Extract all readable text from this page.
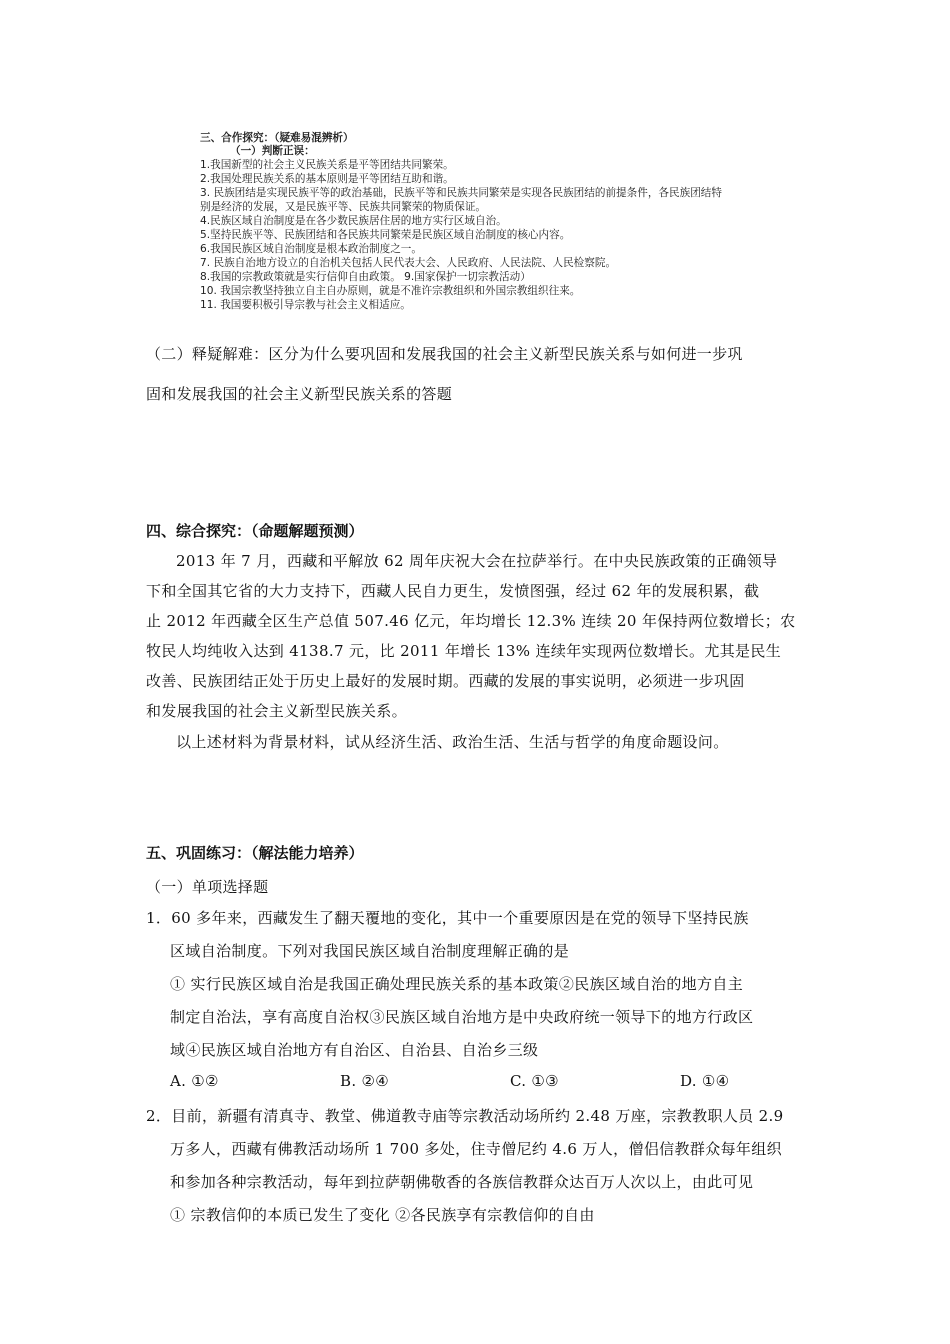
三、合作探究：（疑难易混辨析）
（一）判断正误：
1.我国新型的社会主义民族关系是平等团结共同繁荣。
2.我国处理民族关系的基本原则是平等团结互助和谐。
3. 民族团结是实现民族平等的政治基础，民族平等和民族共同繁荣是实现各民族团结的前提条件，各民族团结特
别是经济的发展，又是民族平等、民族共同繁荣的物质保证。
4.民族区域自治制度是在各少数民族居住居的地方实行区域自治。
5.坚持民族平等、民族团结和各民族共同繁荣是民族区域自治制度的核心内容。
6.我国民族区域自治制度是根本政治制度之一。
7. 民族自治地方设立的自治机关包括人民代表大会、人民政府、人民法院、人民检察院。
8.我国的宗教政策就是实行信仰自由政策。 9.国家保护一切宗教活动）
10. 我国宗教坚持独立自主自办原则，就是不准许宗教组织和外国宗教组织往来。
11. 我国要积极引导宗教与社会主义相适应。
（二）释疑解难：区分为什么要巩固和发展我国的社会主义新型民族关系与如何进一步巩
固和发展我国的社会主义新型民族关系的答题
四、综合探究：（命题解题预测）
2013 年 7 月，西藏和平解放 62 周年庆祝大会在拉萨举行。在中央民族政策的正确领导
下和全国其它省的大力支持下，西藏人民自力更生，发愤图强，经过 62 年的发展积累，截
止 2012 年西藏全区生产总值 507.46 亿元，年均增长 12.3% 连续 20 年保持两位数增长；农
牧民人均纯收入达到 4138.7 元，比 2011 年增长 13% 连续年实现两位数增长。尤其是民生
改善、民族团结正处于历史上最好的发展时期。西藏的发展的事实说明，必须进一步巩固
和发展我国的社会主义新型民族关系。
以上述材料为背景材料，试从经济生活、政治生活、生活与哲学的角度命题设问。
五、巩固练习：（解法能力培养）
（一）单项选择题
1．60 多年来，西藏发生了翻天覆地的变化，其中一个重要原因是在党的领导下坚持民族
区域自治制度。下列对我国民族区域自治制度理解正确的是
① 实行民族区域自治是我国正确处理民族关系的基本政策②民族区域自治的地方自主
制定自治法，享有高度自治权③民族区域自治地方是中央政府统一领导下的地方行政区
域④民族区域自治地方有自治区、自治县、自治乡三级
A. ①②	B. ②④	C. ①③	D. ①④
2．目前，新疆有清真寺、教堂、佛道教寺庙等宗教活动场所约 2.48 万座，宗教教职人员 2.9
万多人，西藏有佛教活动场所 1 700 多处，住寺僧尼约 4.6 万人，僧侣信教群众每年组织
和参加各种宗教活动，每年到拉萨朝佛敬香的各族信教群众达百万人次以上，由此可见
① 宗教信仰的本质已发生了变化 ②各民族享有宗教信仰的自由
